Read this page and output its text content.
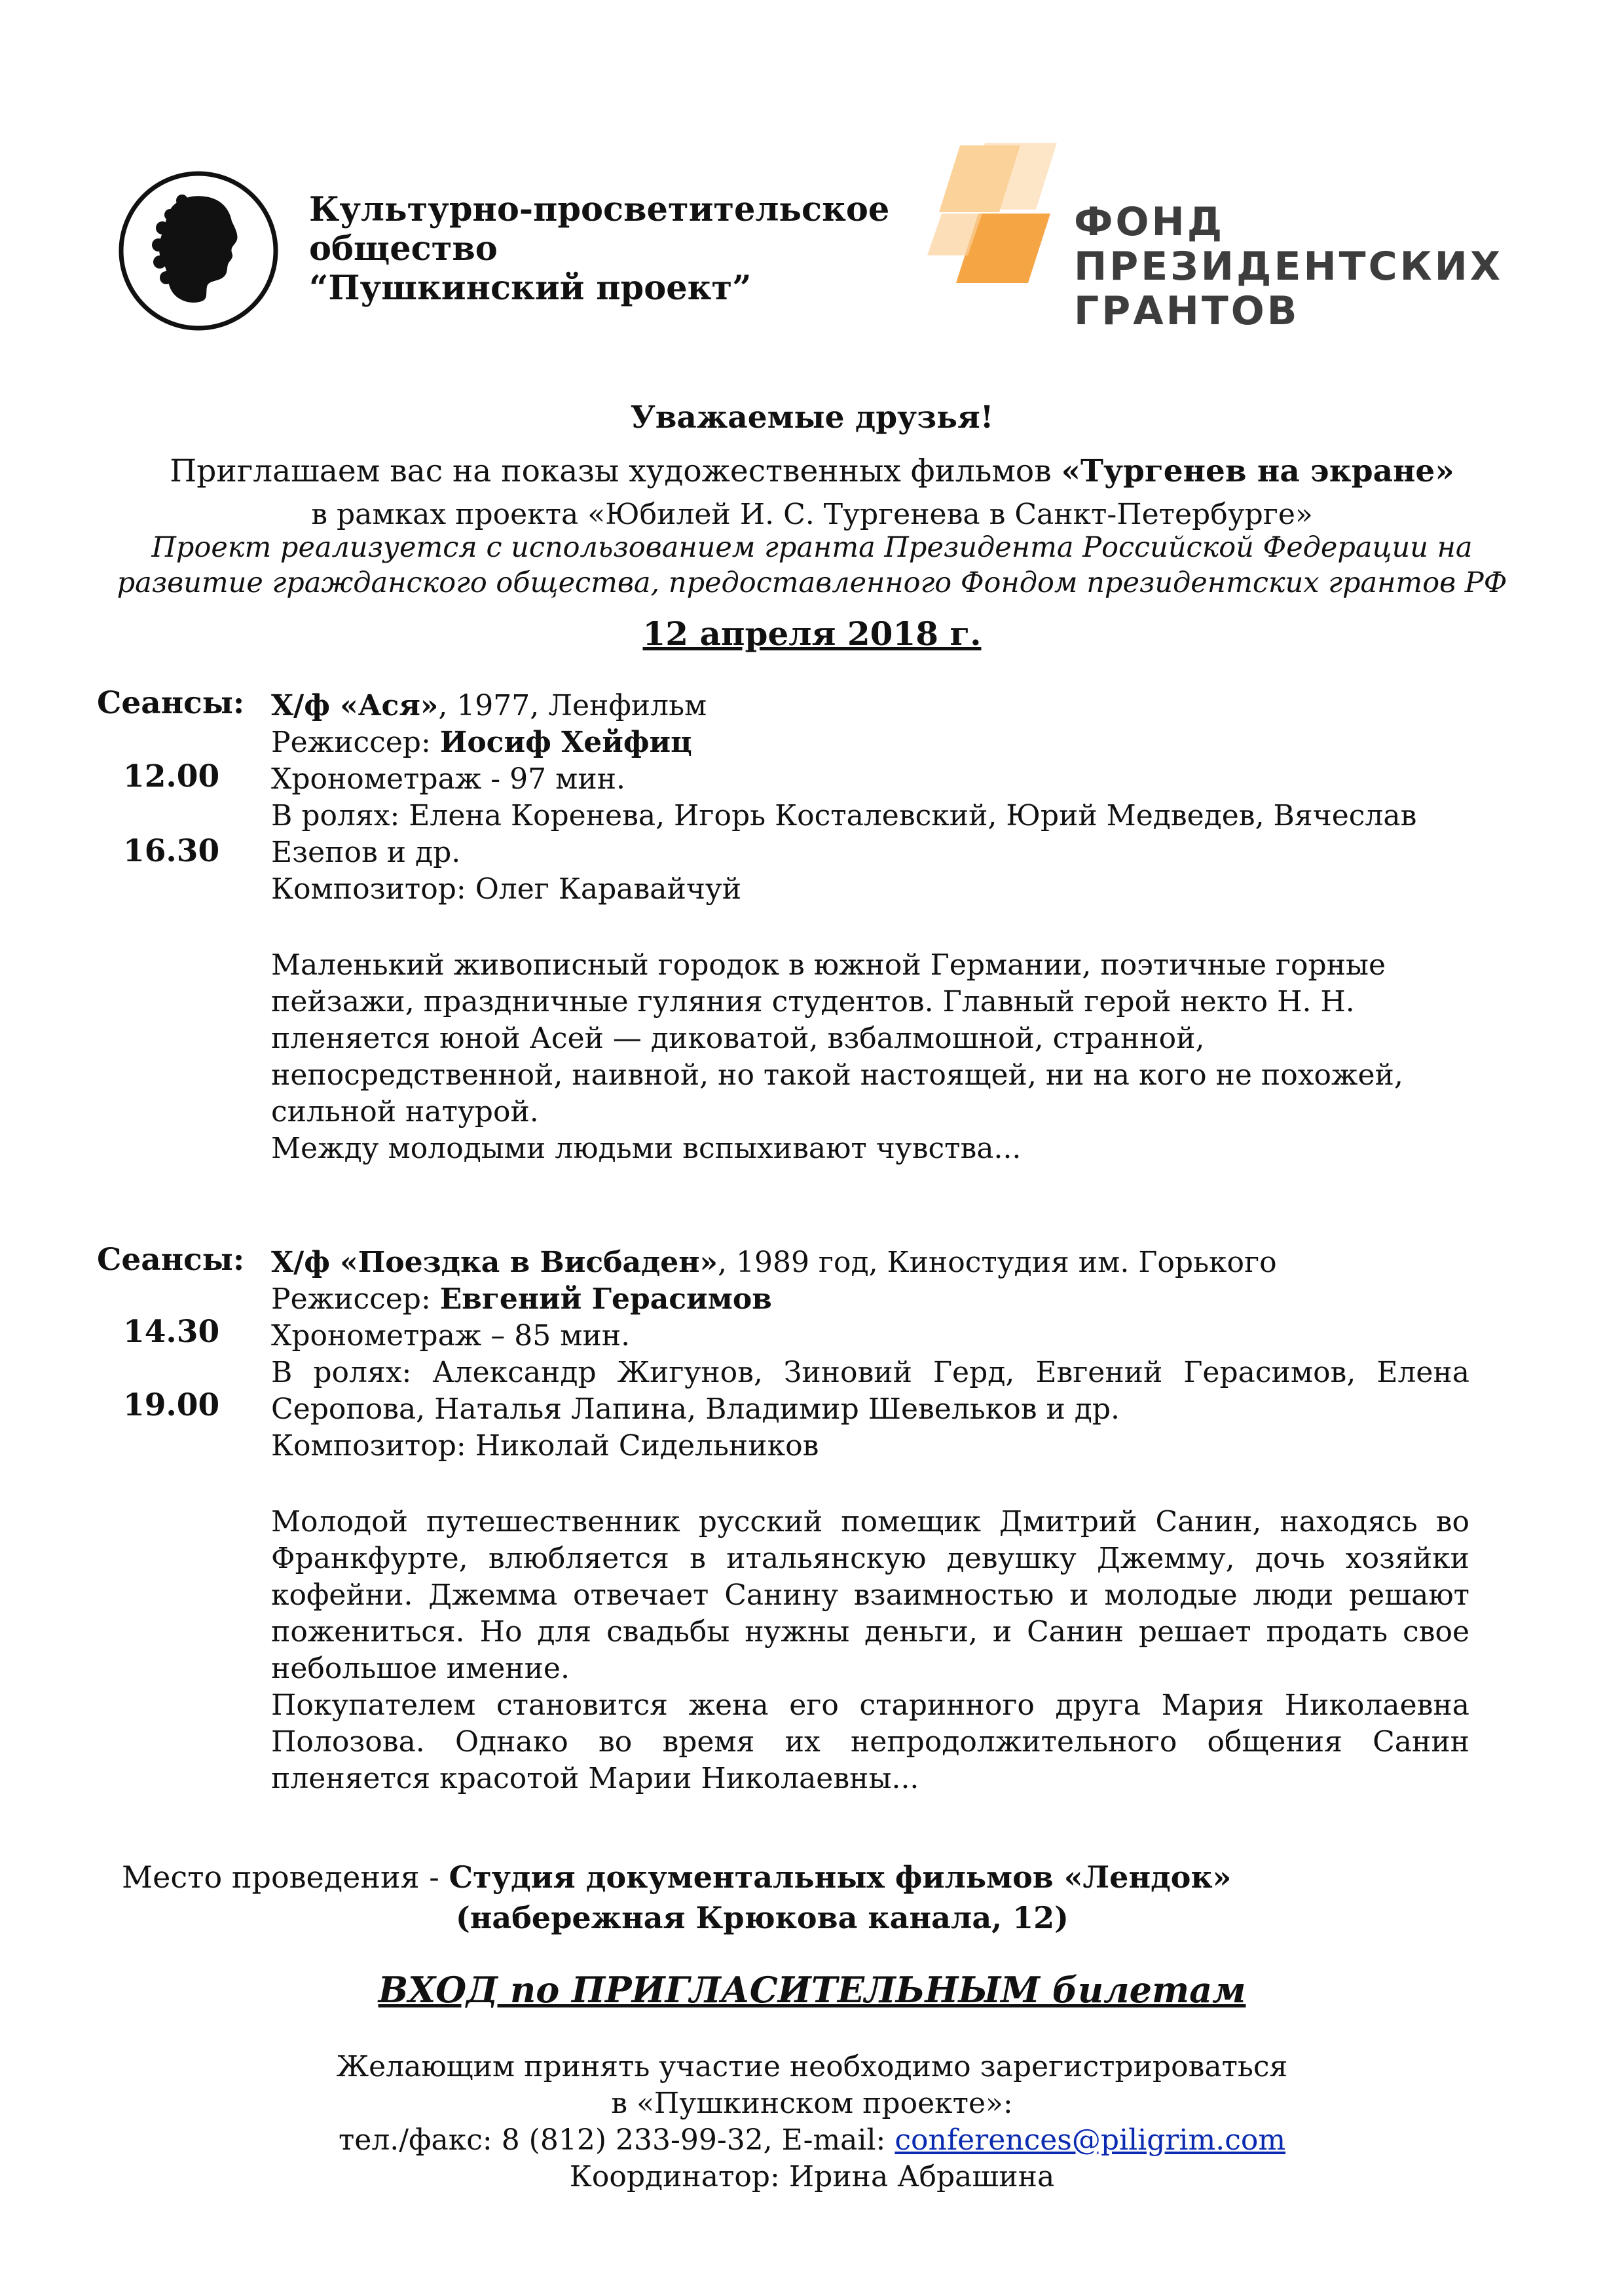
Культурно-просветительское
общество
“Пушкинский проект”
ФОНД
ПРЕЗИДЕНТСКИХ
ГРАНТОВ
Уважаемые друзья!
Приглашаем вас на показы художественных фильмов «Тургенев на экране»
в рамках проекта «Юбилей И. С. Тургенева в Санкт-Петербурге»
Проект реализуется с использованием гранта Президента Российской Федерации на
развитие гражданского общества, предоставленного Фондом президентских грантов РФ
12 апреля 2018 г.
Сеансы:
12.00
16.30
Х/ф «Ася», 1977, Ленфильм
Режиссер: Иосиф Хейфиц
Хронометраж - 97 мин.
В ролях: Елена Коренева, Игорь Косталевский, Юрий Медведев, Вячеслав
Езепов и др.
Композитор: Олег Каравайчуй
Маленький живописный городок в южной Германии, поэтичные горные
пейзажи, праздничные гуляния студентов. Главный герой некто Н. Н.
пленяется юной Асей — диковатой, взбалмошной, странной,
непосредственной, наивной, но такой настоящей, ни на кого не похожей,
сильной натурой.
Между молодыми людьми вспыхивают чувства...
Сеансы:
14.30
19.00
Х/ф «Поездка в Висбаден», 1989 год, Киностудия им. Горького
Режиссер: Евгений Герасимов
Хронометраж – 85 мин.
В ролях: Александр Жигунов, Зиновий Герд, Евгений Герасимов, Елена
Серопова, Наталья Лапина, Владимир Шевельков и др.
Композитор: Николай Сидельников
Молодой путешественник русский помещик Дмитрий Санин, находясь во
Франкфурте, влюбляется в итальянскую девушку Джемму, дочь хозяйки
кофейни. Джемма отвечает Санину взаимностью и молодые люди решают
пожениться. Но для свадьбы нужны деньги, и Санин решает продать свое
небольшое имение.
Покупателем становится жена его старинного друга Мария Николаевна
Полозова. Однако во время их непродолжительного общения Санин
пленяется красотой Марии Николаевны...
Место проведения - Студия документальных фильмов «Лендок»
(набережная Крюкова канала, 12)
ВХОД по ПРИГЛАСИТЕЛЬНЫМ билетам
Желающим принять участие необходимо зарегистрироваться
в «Пушкинском проекте»:
тел./факс: 8 (812) 233-99-32, E-mail: conferences@piligrim.com
Координатор: Ирина Абрашина
